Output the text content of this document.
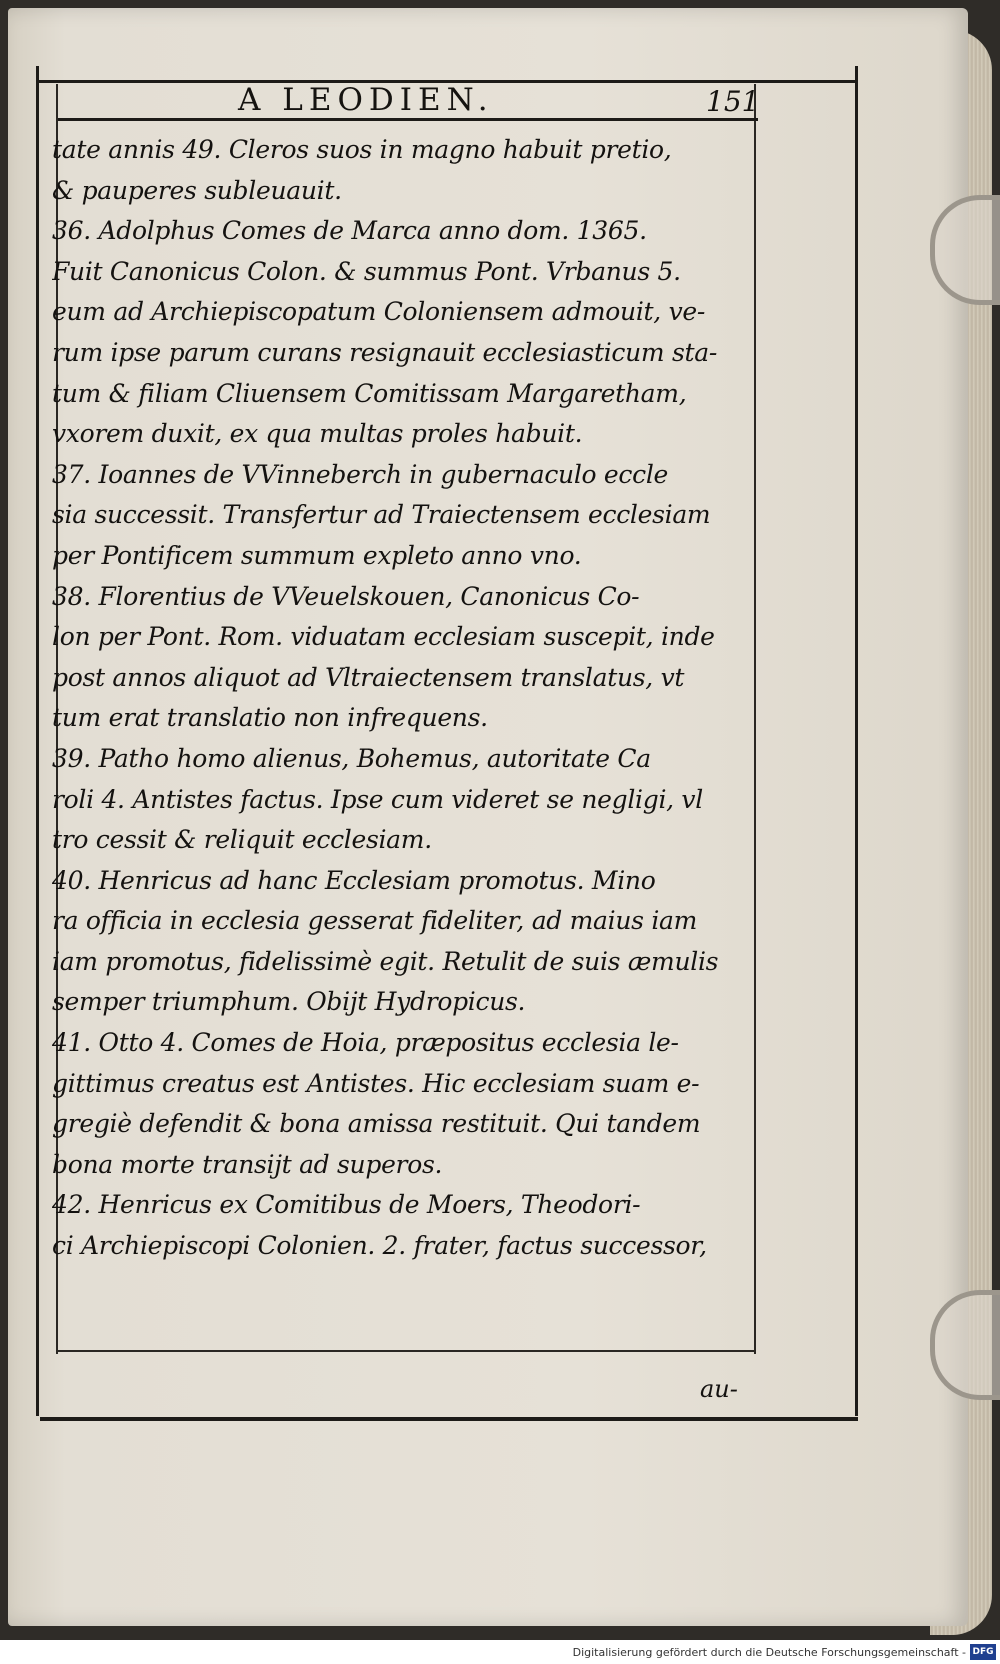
A LEODIEN.	151
tate annis 49. Cleros suos in magno habuit pretio,
& pauperes subleuauit.
36. Adolphus Comes de Marca anno dom. 1365.
Fuit Canonicus Colon. & summus Pont. Vrbanus 5.
eum ad Archiepiscopatum Coloniensem admouit, ve-
rum ipse parum curans resignauit ecclesiasticum sta-
tum & filiam Cliuensem Comitissam Margaretham,
vxorem duxit, ex qua multas proles habuit.
37. Ioannes de VVinneberch in gubernaculo eccle
sia successit. Transfertur ad Traiectensem ecclesiam
per Pontificem summum expleto anno vno.
38. Florentius de VVeuelskouen, Canonicus Co-
lon per Pont. Rom. viduatam ecclesiam suscepit, inde
post annos aliquot ad Vltraiectensem translatus, vt
tum erat translatio non infrequens.
39. Patho homo alienus, Bohemus, autoritate Ca
roli 4. Antistes factus. Ipse cum videret se negligi, vl
tro cessit & reliquit ecclesiam.
40. Henricus ad hanc Ecclesiam promotus. Mino
ra officia in ecclesia gesserat fideliter, ad maius iam
iam promotus, fidelissimè egit. Retulit de suis æmulis
semper triumphum. Obijt Hydropicus.
41. Otto 4. Comes de Hoia, præpositus ecclesia le-
gittimus creatus est Antistes. Hic ecclesiam suam e-
gregiè defendit & bona amissa restituit. Qui tandem
bona morte transijt ad superos.
42. Henricus ex Comitibus de Moers, Theodori-
ci Archiepiscopi Colonien. 2. frater, factus successor,
au-
Digitalisierung gefördert durch die Deutsche Forschungsgemeinschaft - DFG
